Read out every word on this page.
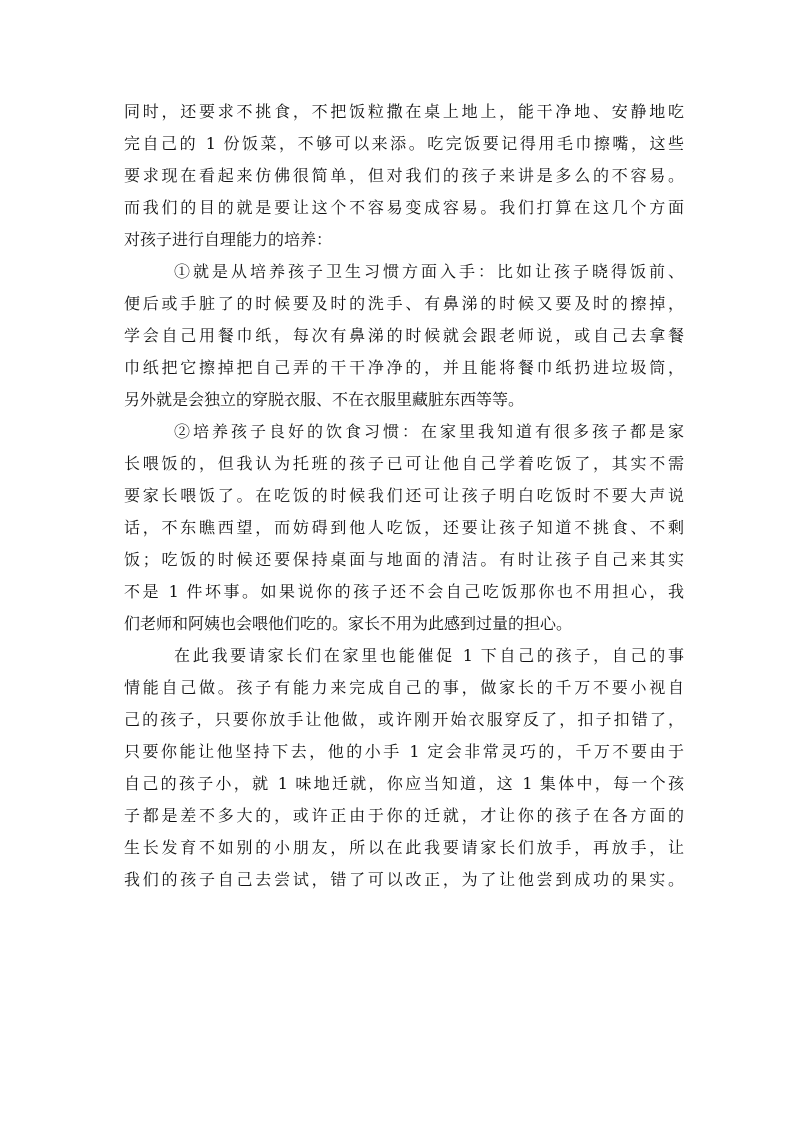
同时，还要求不挑食，不把饭粒撒在桌上地上，能干净地、安静地吃
完自己的 1 份饭菜，不够可以来添。吃完饭要记得用毛巾擦嘴，这些
要求现在看起来仿佛很简单，但对我们的孩子来讲是多么的不容易。
而我们的目的就是要让这个不容易变成容易。我们打算在这几个方面
对孩子进行自理能力的培养：
①就是从培养孩子卫生习惯方面入手：比如让孩子晓得饭前、
便后或手脏了的时候要及时的洗手、有鼻涕的时候又要及时的擦掉，
学会自己用餐巾纸，每次有鼻涕的时候就会跟老师说，或自己去拿餐
巾纸把它擦掉把自己弄的干干净净的，并且能将餐巾纸扔进垃圾筒，
另外就是会独立的穿脱衣服、不在衣服里藏脏东西等等。
②培养孩子良好的饮食习惯：在家里我知道有很多孩子都是家
长喂饭的，但我认为托班的孩子已可让他自己学着吃饭了，其实不需
要家长喂饭了。在吃饭的时候我们还可让孩子明白吃饭时不要大声说
话，不东瞧西望，而妨碍到他人吃饭，还要让孩子知道不挑食、不剩
饭；吃饭的时候还要保持桌面与地面的清洁。有时让孩子自己来其实
不是 1 件坏事。如果说你的孩子还不会自己吃饭那你也不用担心，我
们老师和阿姨也会喂他们吃的。家长不用为此感到过量的担心。
在此我要请家长们在家里也能催促 1 下自己的孩子，自己的事
情能自己做。孩子有能力来完成自己的事，做家长的千万不要小视自
己的孩子，只要你放手让他做，或许刚开始衣服穿反了，扣子扣错了，
只要你能让他坚持下去，他的小手 1 定会非常灵巧的，千万不要由于
自己的孩子小，就 1 味地迁就，你应当知道，这 1 集体中，每一个孩
子都是差不多大的，或许正由于你的迁就，才让你的孩子在各方面的
生长发育不如别的小朋友，所以在此我要请家长们放手，再放手，让
我们的孩子自己去尝试，错了可以改正，为了让他尝到成功的果实。
